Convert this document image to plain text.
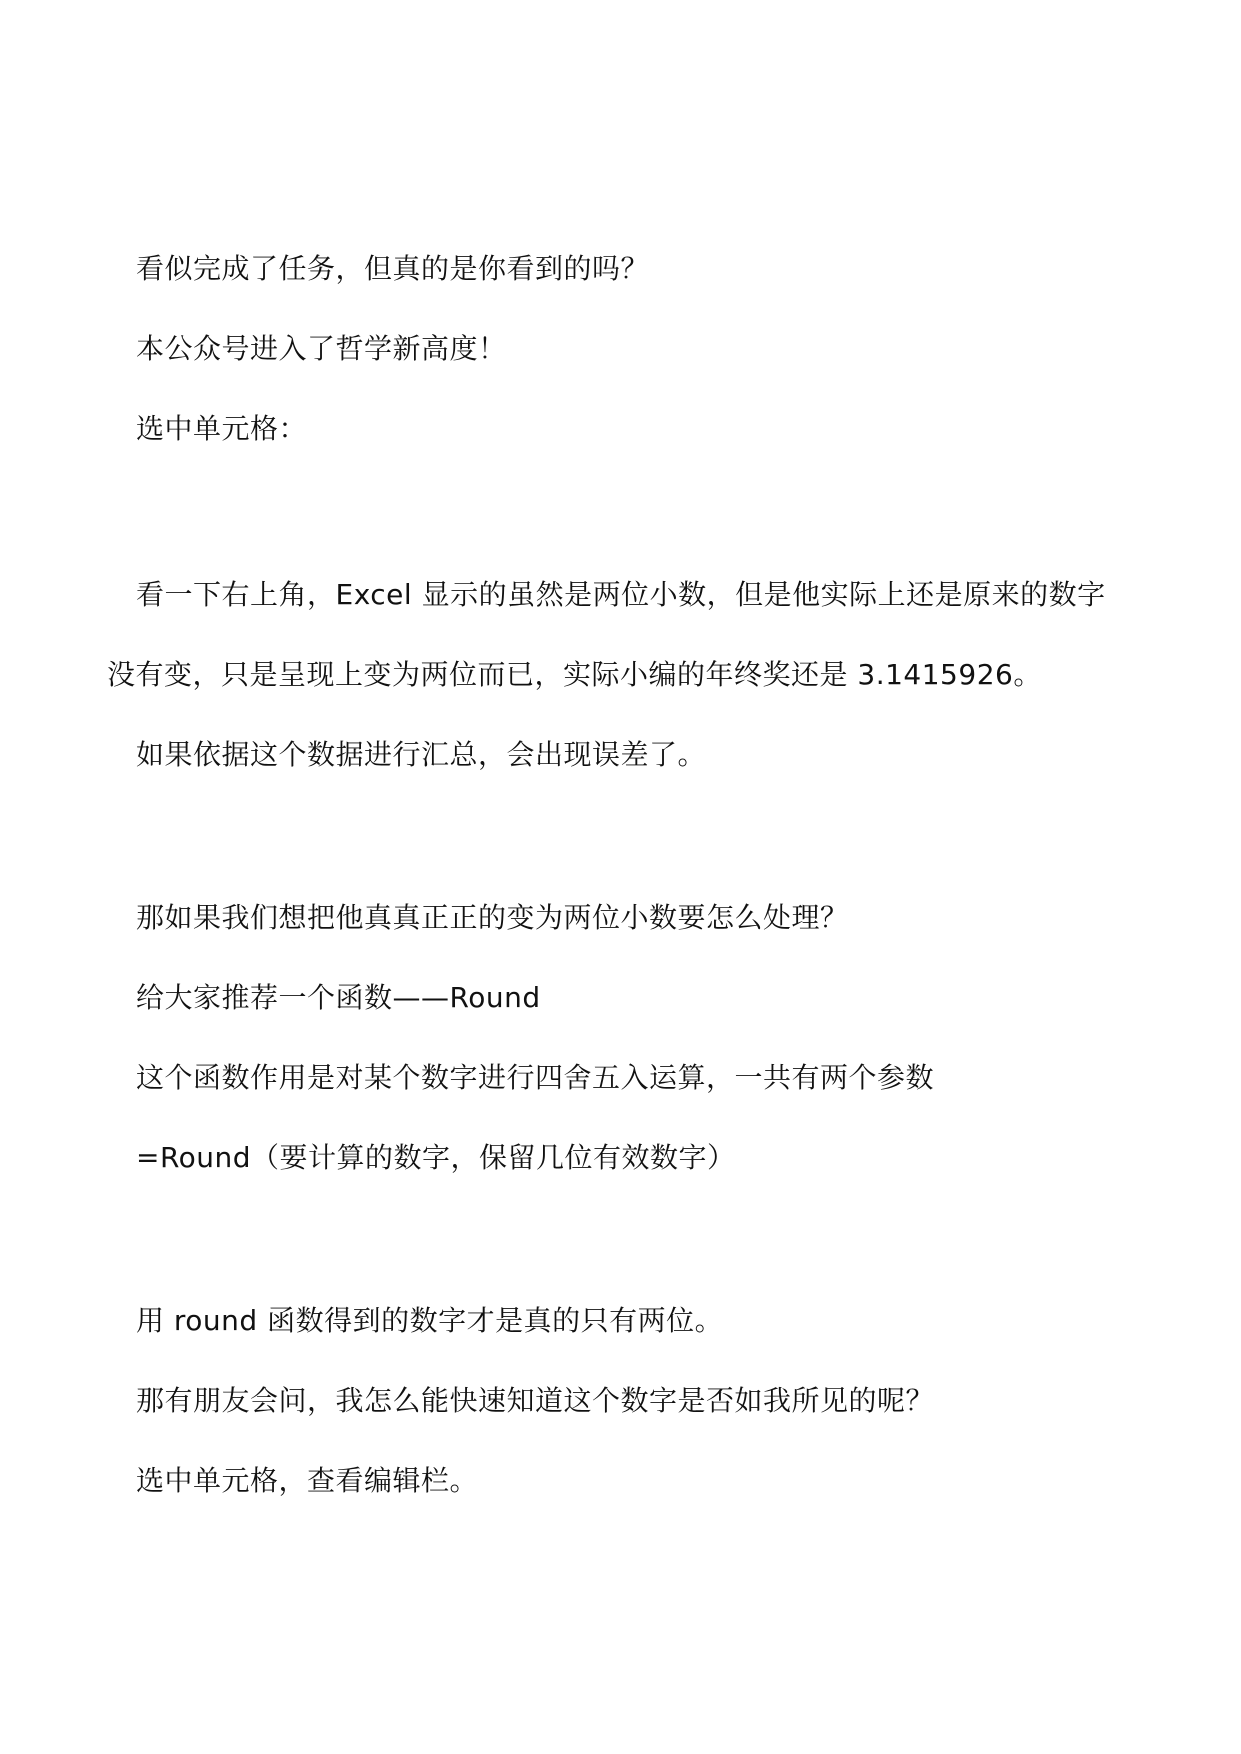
看似完成了任务，但真的是你看到的吗？

本公众号进入了哲学新高度！

选中单元格：

看一下右上角，Excel 显示的虽然是两位小数，但是他实际上还是原来的数字

没有变，只是呈现上变为两位而已，实际小编的年终奖还是 3.1415926。

如果依据这个数据进行汇总，会出现误差了。

那如果我们想把他真真正正的变为两位小数要怎么处理？

给大家推荐一个函数——Round

这个函数作用是对某个数字进行四舍五入运算，一共有两个参数

=Round（要计算的数字，保留几位有效数字）

用 round 函数得到的数字才是真的只有两位。

那有朋友会问，我怎么能快速知道这个数字是否如我所见的呢？

选中单元格，查看编辑栏。
